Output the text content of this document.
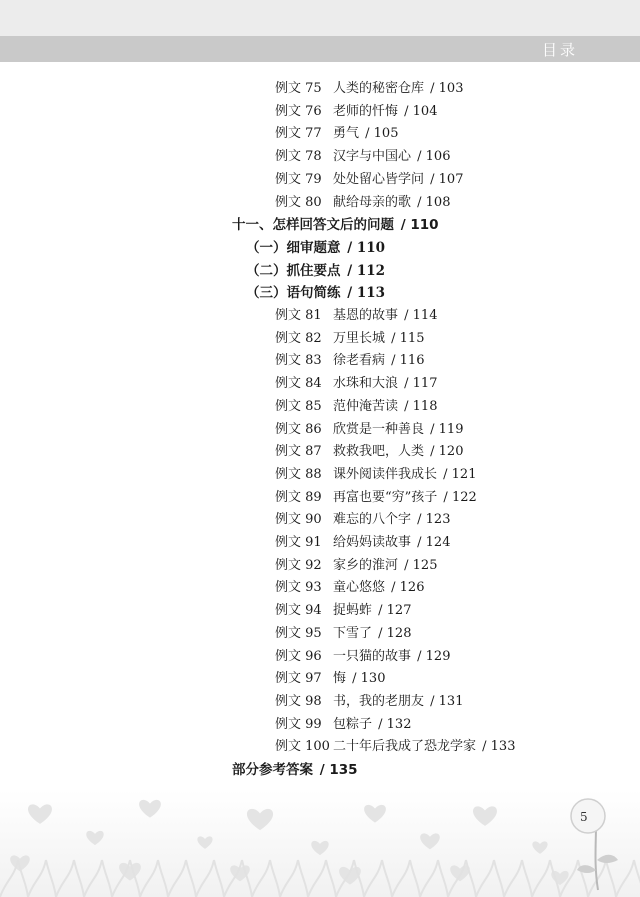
目录
例文 75 人类的秘密仓库 / 103
例文 76 老师的忏悔 / 104
例文 77 勇气 / 105
例文 78 汉字与中国心 / 106
例文 79 处处留心皆学问 / 107
例文 80 献给母亲的歌 / 108
十一、怎样回答文后的问题 / 110
（一）细审题意 / 110
（二）抓住要点 / 112
（三）语句简练 / 113
例文 81 基恩的故事 / 114
例文 82 万里长城 / 115
例文 83 徐老看病 / 116
例文 84 水珠和大浪 / 117
例文 85 范仲淹苦读 / 118
例文 86 欣赏是一种善良 / 119
例文 87 救救我吧，人类 / 120
例文 88 课外阅读伴我成长 / 121
例文 89 再富也要“穷”孩子 / 122
例文 90 难忘的八个字 / 123
例文 91 给妈妈读故事 / 124
例文 92 家乡的淮河 / 125
例文 93 童心悠悠 / 126
例文 94 捉蚂蚱 / 127
例文 95 下雪了 / 128
例文 96 一只猫的故事 / 129
例文 97 悔 / 130
例文 98 书，我的老朋友 / 131
例文 99 包粽子 / 132
例文 100 二十年后我成了恐龙学家 / 133
部分参考答案 / 135
5
